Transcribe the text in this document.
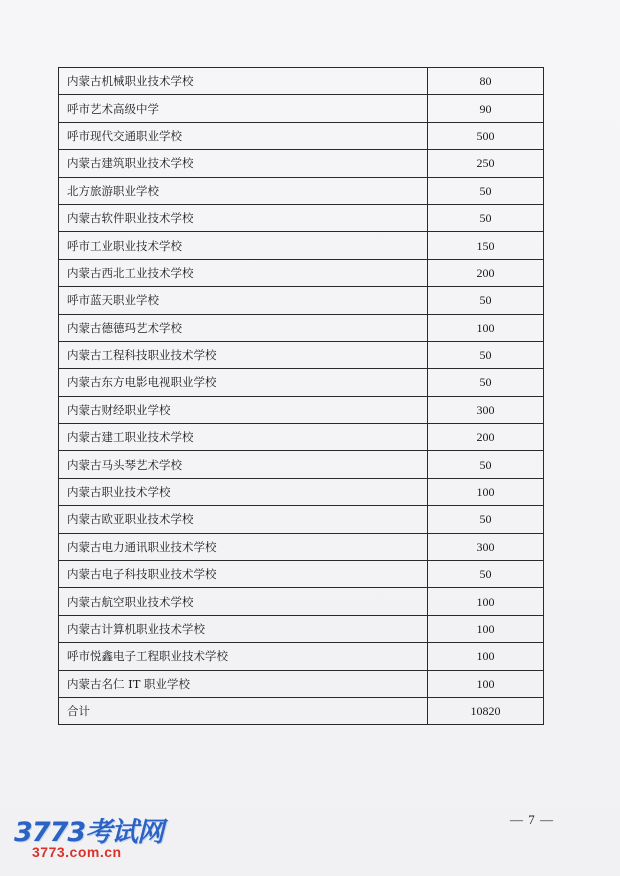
内蒙古机械职业技术学校	80
呼市艺术高级中学	90
呼市现代交通职业学校	500
内蒙古建筑职业技术学校	250
北方旅游职业学校	50
内蒙古软件职业技术学校	50
呼市工业职业技术学校	150
内蒙古西北工业技术学校	200
呼市蓝天职业学校	50
内蒙古德德玛艺术学校	100
内蒙古工程科技职业技术学校	50
内蒙古东方电影电视职业学校	50
内蒙古财经职业学校	300
内蒙古建工职业技术学校	200
内蒙古马头琴艺术学校	50
内蒙古职业技术学校	100
内蒙古欧亚职业技术学校	50
内蒙古电力通讯职业技术学校	300
内蒙古电子科技职业技术学校	50
内蒙古航空职业技术学校	100
内蒙古计算机职业技术学校	100
呼市悦鑫电子工程职业技术学校	100
内蒙古名仁 IT 职业学校	100
合计	10820
— 7 —
3773考试网
3773.com.cn
